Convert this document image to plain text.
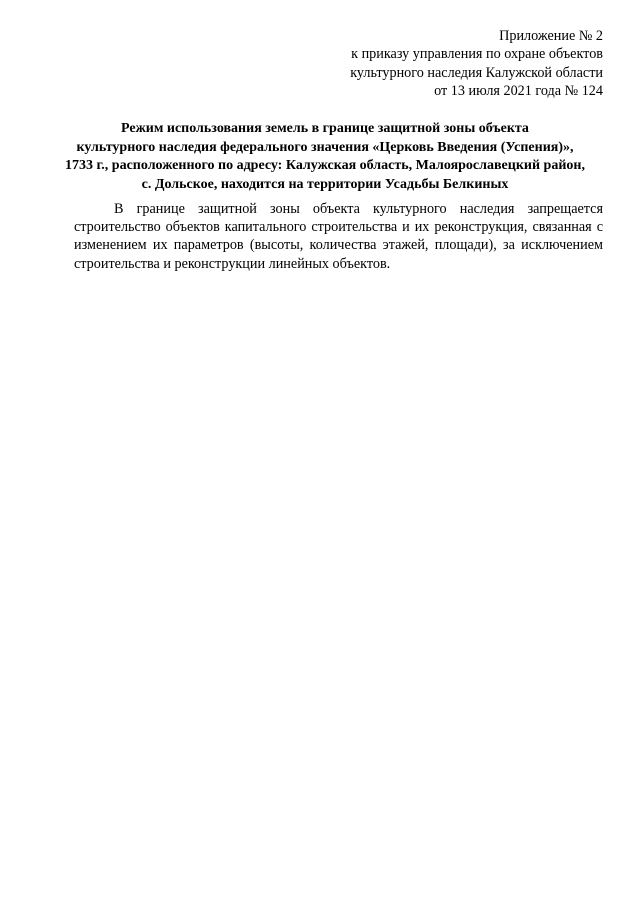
Приложение № 2
к приказу управления по охране объектов
культурного наследия Калужской области
от 13 июля 2021 года № 124
Режим использования земель в границе защитной зоны объекта
культурного наследия федерального значения «Церковь Введения (Успения)»,
1733 г., расположенного по адресу: Калужская область, Малоярославецкий район,
с. Дольское, находится на территории Усадьбы Белкиных
В границе защитной зоны объекта культурного наследия запрещается
строительство объектов капитального строительства и их реконструкция, связанная с
изменением их параметров (высоты, количества этажей, площади), за исключением
строительства и реконструкции линейных объектов.
